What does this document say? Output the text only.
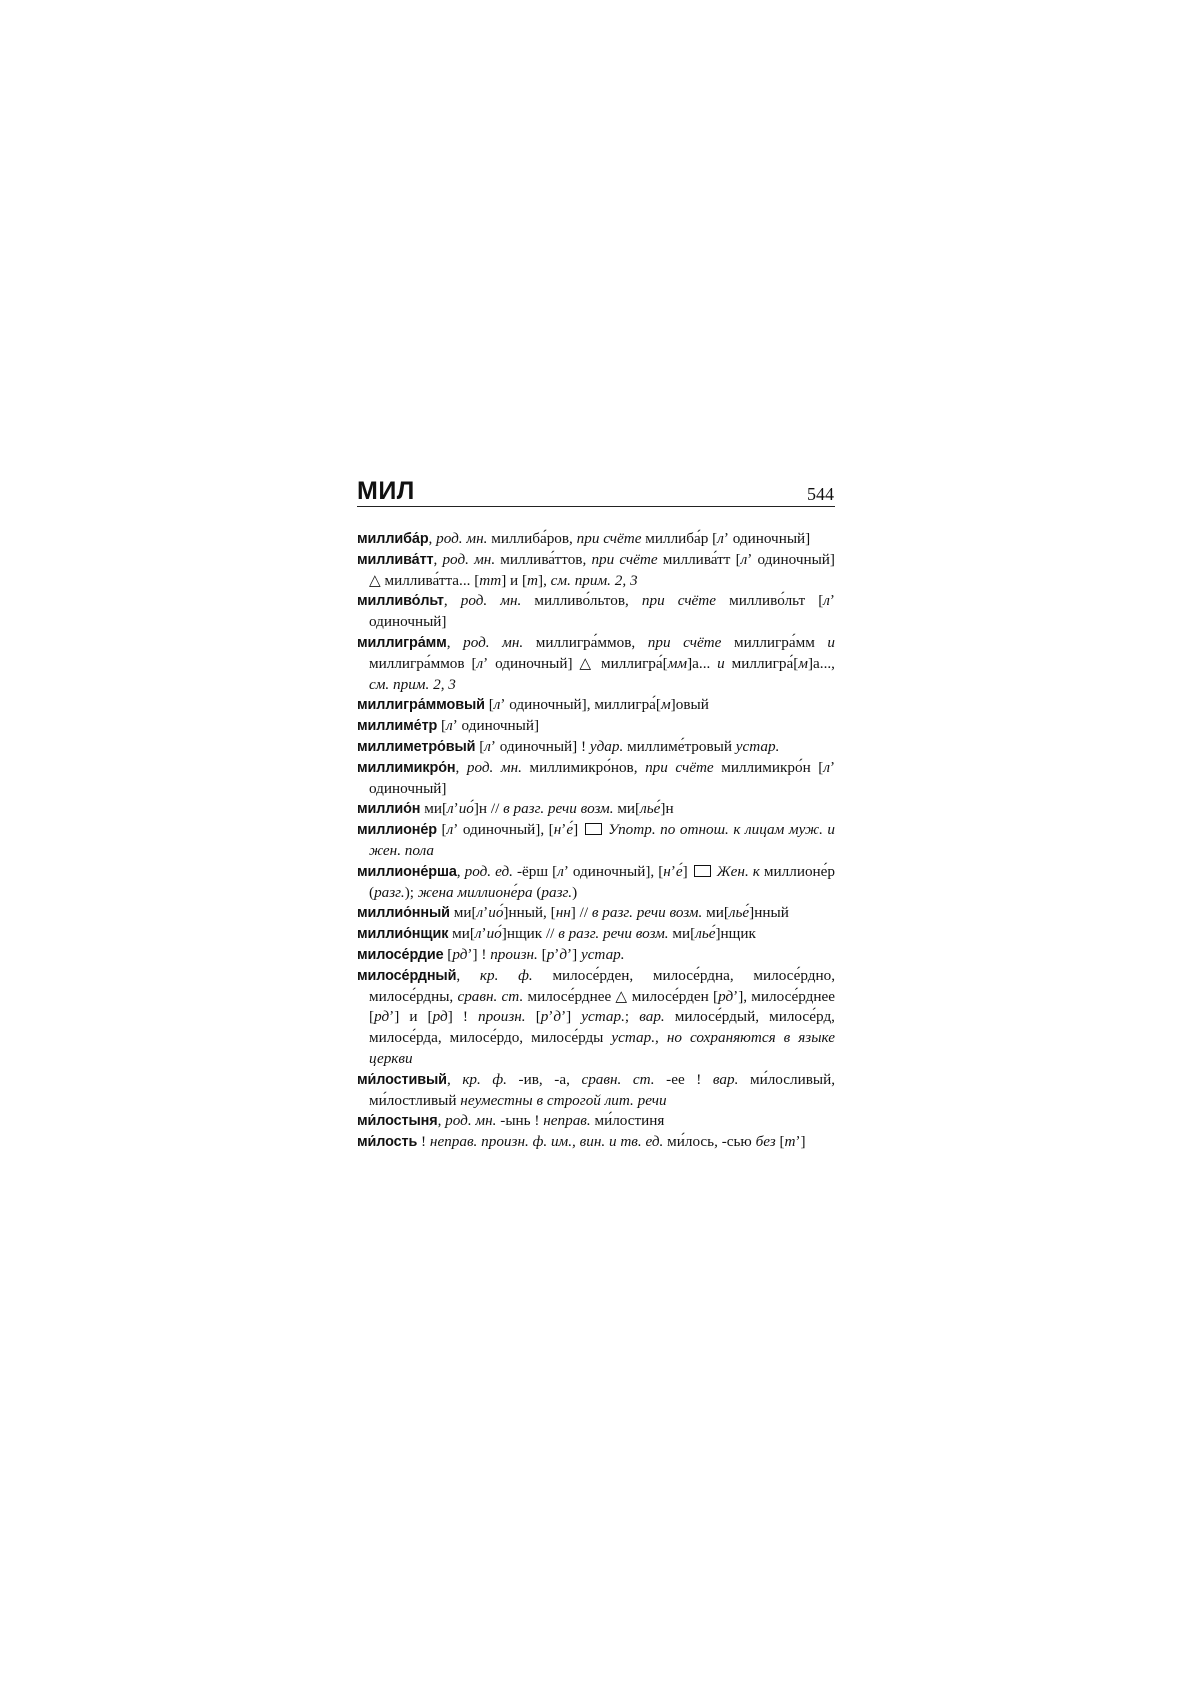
МИЛ	544

миллиба́р, род. мн. миллиба́ров, при счёте миллиба́р [лʼ одиночный]

миллива́тт, род. мн. миллива́ттов, при счёте миллива́тт [лʼ одиночный] △ миллива́тта... [тт] и [т], см. прим. 2, 3

милливо́льт, род. мн. милливо́льтов, при счёте милливо́льт [лʼ одиночный]

миллигра́мм, род. мн. миллигра́ммов, при счёте миллигра́мм и миллигра́ммов [лʼ одиночный] △ миллигра́[мм]а... и миллигра́[м]а..., см. прим. 2, 3

миллигра́ммовый [лʼ одиночный], миллигра́[м]овый

миллиме́тр [лʼ одиночный]

миллиметро́вый [лʼ одиночный] ! удар. миллиме́тровый устар.

миллимикро́н, род. мн. миллимикро́нов, при счёте миллимикро́н [лʼ одиночный]

миллио́н ми[лʼио́]н // в разг. речи возм. ми[лье́]н

миллионе́р [лʼ одиночный], [нʼе́]  Употр. по отнош. к лицам муж. и жен. пола

миллионе́рша, род. ед. -ёрш [лʼ одиночный], [нʼе́]  Жен. к миллионе́р (разг.); жена миллионе́ра (разг.)

миллио́нный ми[лʼио́]нный, [нн] // в разг. речи возм. ми[лье́]нный

миллио́нщик ми[лʼио́]нщик // в разг. речи возм. ми[лье́]нщик

милосе́рдие [рдʼ] ! произн. [рʼдʼ] устар.

милосе́рдный, кр. ф. милосе́рден, милосе́рдна, милосе́рдно, милосе́рдны, сравн. ст. милосе́рднее △ милосе́рден [рдʼ], милосе́рднее [рдʼ] и [рд] ! произн. [рʼдʼ] устар.; вар. милосе́рдый, милосе́рд, милосе́рда, милосе́рдо, милосе́рды устар., но сохраняются в языке церкви

ми́лостивый, кр. ф. -ив, -а, сравн. ст. -ее ! вар. ми́лосливый, ми́лостливый неуместны в строгой лит. речи

ми́лостыня, род. мн. -ынь ! неправ. ми́лостиня

ми́лость ! неправ. произн. ф. им., вин. и тв. ед. ми́лось, -сью без [тʼ]
